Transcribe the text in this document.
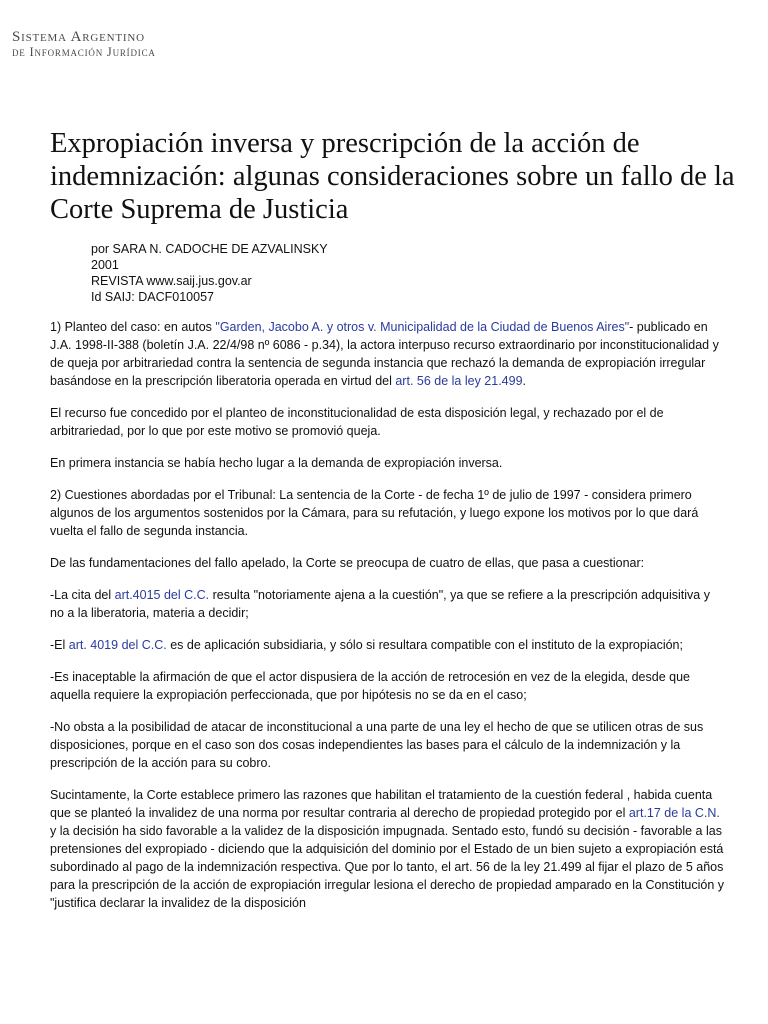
Sistema Argentino
de Información Jurídica
Expropiación inversa y prescripción de la acción de indemnización: algunas consideraciones sobre un fallo de la Corte Suprema de Justicia
por SARA N. CADOCHE DE AZVALINSKY
2001
REVISTA www.saij.jus.gov.ar
Id SAIJ: DACF010057

1) Planteo del caso: en autos "Garden, Jacobo A. y otros v. Municipalidad de la Ciudad de Buenos Aires"- publicado en J.A. 1998-II-388 (boletín J.A. 22/4/98 nº 6086 - p.34), la actora interpuso recurso extraordinario por inconstitucionalidad y de queja por arbitrariedad contra la sentencia de segunda instancia que rechazó la demanda de expropiación irregular basándose en la prescripción liberatoria operada en virtud del art. 56 de la ley 21.499.

El recurso fue concedido por el planteo de inconstitucionalidad de esta disposición legal, y rechazado por el de arbitrariedad, por lo que por este motivo se promovió queja.

En primera instancia se había hecho lugar a la demanda de expropiación inversa.

2) Cuestiones abordadas por el Tribunal: La sentencia de la Corte - de fecha 1º de julio de 1997 - considera primero algunos de los argumentos sostenidos por la Cámara, para su refutación, y luego expone los motivos por lo que dará vuelta el fallo de segunda instancia.

De las fundamentaciones del fallo apelado, la Corte se preocupa de cuatro de ellas, que pasa a cuestionar:

-La cita del art.4015 del C.C. resulta "notoriamente ajena a la cuestión", ya que se refiere a la prescripción adquisitiva y no a la liberatoria, materia a decidir;

-El art. 4019 del C.C. es de aplicación subsidiaria, y sólo si resultara compatible con el instituto de la expropiación;

-Es inaceptable la afirmación de que el actor dispusiera de la acción de retrocesión en vez de la elegida, desde que aquella requiere la expropiación perfeccionada, que por hipótesis no se da en el caso;

-No obsta a la posibilidad de atacar de inconstitucional a una parte de una ley el hecho de que se utilicen otras de sus disposiciones, porque en el caso son dos cosas independientes las bases para el cálculo de la indemnización y la prescripción de la acción para su cobro.

Sucintamente, la Corte establece primero las razones que habilitan el tratamiento de la cuestión federal , habida cuenta que se planteó la invalidez de una norma por resultar contraria al derecho de propiedad protegido por el art.17 de la C.N. y la decisión ha sido favorable a la validez de la disposición impugnada. Sentado esto, fundó su decisión - favorable a las pretensiones del expropiado - diciendo que la adquisición del dominio por el Estado de un bien sujeto a expropiación está subordinado al pago de la indemnización respectiva. Que por lo tanto, el art. 56 de la ley 21.499 al fijar el plazo de 5 años para la prescripción de la acción de expropiación irregular lesiona el derecho de propiedad amparado en la Constitución y "justifica declarar la invalidez de la disposición
